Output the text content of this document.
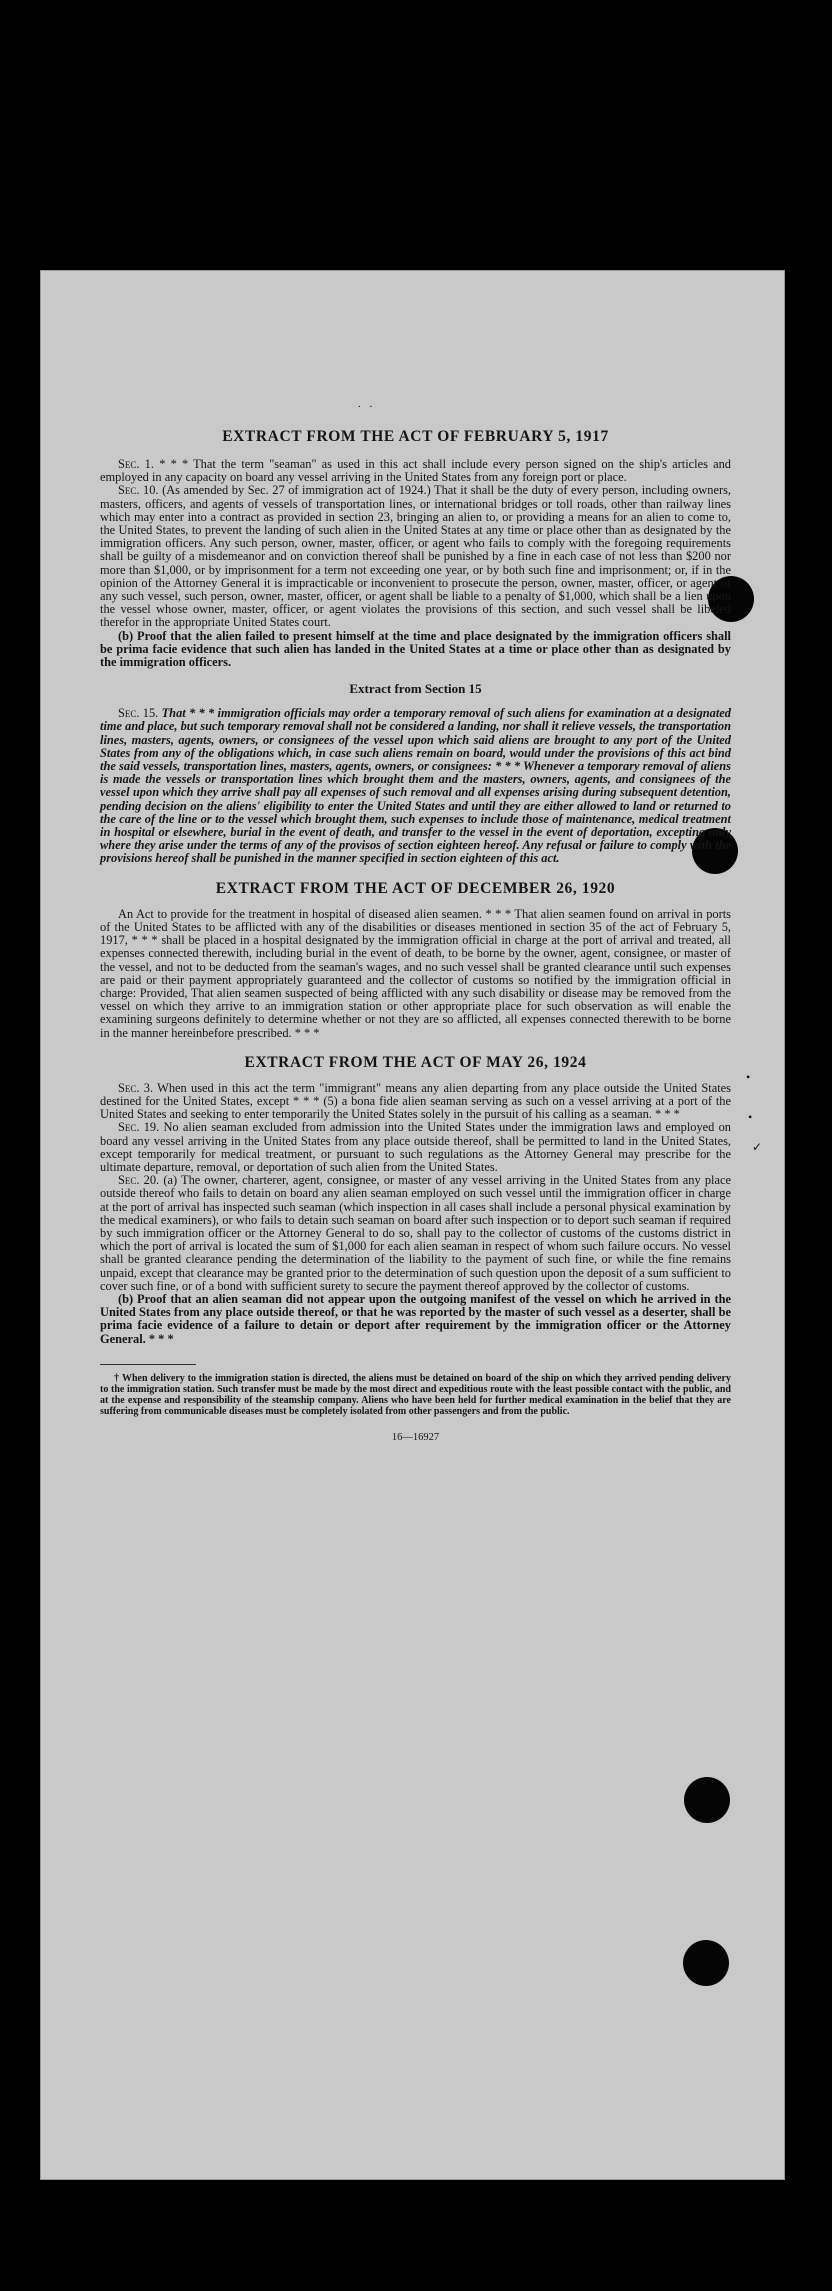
. .
•
•
✓

EXTRACT FROM THE ACT OF FEBRUARY 5, 1917

Sec. 1. * * * That the term "seaman" as used in this act shall include every person signed on the ship's articles and employed in any capacity on board any vessel arriving in the United States from any foreign port or place.

Sec. 10. (As amended by Sec. 27 of immigration act of 1924.) That it shall be the duty of every person, including owners, masters, officers, and agents of vessels of transportation lines, or international bridges or toll roads, other than railway lines which may enter into a contract as provided in section 23, bringing an alien to, or providing a means for an alien to come to, the United States, to prevent the landing of such alien in the United States at any time or place other than as designated by the immigration officers. Any such person, owner, master, officer, or agent who fails to comply with the foregoing requirements shall be guilty of a misdemeanor and on conviction thereof shall be punished by a fine in each case of not less than $200 nor more than $1,000, or by imprisonment for a term not exceeding one year, or by both such fine and imprisonment; or, if in the opinion of the Attorney General it is impracticable or inconvenient to prosecute the person, owner, master, officer, or agent of any such vessel, such person, owner, master, officer, or agent shall be liable to a penalty of $1,000, which shall be a lien upon the vessel whose owner, master, officer, or agent violates the provisions of this section, and such vessel shall be libeled therefor in the appropriate United States court.

(b) Proof that the alien failed to present himself at the time and place designated by the immigration officers shall be prima facie evidence that such alien has landed in the United States at a time or place other than as designated by the immigration officers.

Extract from Section 15

Sec. 15. That * * * immigration officials may order a temporary removal of such aliens for examination at a designated time and place, but such temporary removal shall not be considered a landing, nor shall it relieve vessels, the transportation lines, masters, agents, owners, or consignees of the vessel upon which said aliens are brought to any port of the United States from any of the obligations which, in case such aliens remain on board, would under the provisions of this act bind the said vessels, transportation lines, masters, agents, owners, or consignees: * * * Whenever a temporary removal of aliens is made the vessels or transportation lines which brought them and the masters, owners, agents, and consignees of the vessel upon which they arrive shall pay all expenses of such removal and all expenses arising during subsequent detention, pending decision on the aliens' eligibility to enter the United States and until they are either allowed to land or returned to the care of the line or to the vessel which brought them, such expenses to include those of maintenance, medical treatment in hospital or elsewhere, burial in the event of death, and transfer to the vessel in the event of deportation, excepting only where they arise under the terms of any of the provisos of section eighteen hereof. Any refusal or failure to comply with the provisions hereof shall be punished in the manner specified in section eighteen of this act.

EXTRACT FROM THE ACT OF DECEMBER 26, 1920

An Act to provide for the treatment in hospital of diseased alien seamen. * * * That alien seamen found on arrival in ports of the United States to be afflicted with any of the disabilities or diseases mentioned in section 35 of the act of February 5, 1917, * * * shall be placed in a hospital designated by the immigration official in charge at the port of arrival and treated, all expenses connected therewith, including burial in the event of death, to be borne by the owner, agent, consignee, or master of the vessel, and not to be deducted from the seaman's wages, and no such vessel shall be granted clearance until such expenses are paid or their payment appropriately guaranteed and the collector of customs so notified by the immigration official in charge: Provided, That alien seamen suspected of being afflicted with any such disability or disease may be removed from the vessel on which they arrive to an immigration station or other appropriate place for such observation as will enable the examining surgeons definitely to determine whether or not they are so afflicted, all expenses connected therewith to be borne in the manner hereinbefore prescribed. * * *

EXTRACT FROM THE ACT OF MAY 26, 1924

Sec. 3. When used in this act the term "immigrant" means any alien departing from any place outside the United States destined for the United States, except * * * (5) a bona fide alien seaman serving as such on a vessel arriving at a port of the United States and seeking to enter temporarily the United States solely in the pursuit of his calling as a seaman. * * *

Sec. 19. No alien seaman excluded from admission into the United States under the immigration laws and employed on board any vessel arriving in the United States from any place outside thereof, shall be permitted to land in the United States, except temporarily for medical treatment, or pursuant to such regulations as the Attorney General may prescribe for the ultimate departure, removal, or deportation of such alien from the United States.

Sec. 20. (a) The owner, charterer, agent, consignee, or master of any vessel arriving in the United States from any place outside thereof who fails to detain on board any alien seaman employed on such vessel until the immigration officer in charge at the port of arrival has inspected such seaman (which inspection in all cases shall include a personal physical examination by the medical examiners), or who fails to detain such seaman on board after such inspection or to deport such seaman if required by such immigration officer or the Attorney General to do so, shall pay to the collector of customs of the customs district in which the port of arrival is located the sum of $1,000 for each alien seaman in respect of whom such failure occurs. No vessel shall be granted clearance pending the determination of the liability to the payment of such fine, or while the fine remains unpaid, except that clearance may be granted prior to the determination of such question upon the deposit of a sum sufficient to cover such fine, or of a bond with sufficient surety to secure the payment thereof approved by the collector of customs.

(b) Proof that an alien seaman did not appear upon the outgoing manifest of the vessel on which he arrived in the United States from any place outside thereof, or that he was reported by the master of such vessel as a deserter, shall be prima facie evidence of a failure to detain or deport after requirement by the immigration officer or the Attorney General. * * *

† When delivery to the immigration station is directed, the aliens must be detained on board of the ship on which they arrived pending delivery to the immigration station. Such transfer must be made by the most direct and expeditious route with the least possible contact with the public, and at the expense and responsibility of the steamship company. Aliens who have been held for further medical examination in the belief that they are suffering from communicable diseases must be completely isolated from other passengers and from the public.

16—16927
